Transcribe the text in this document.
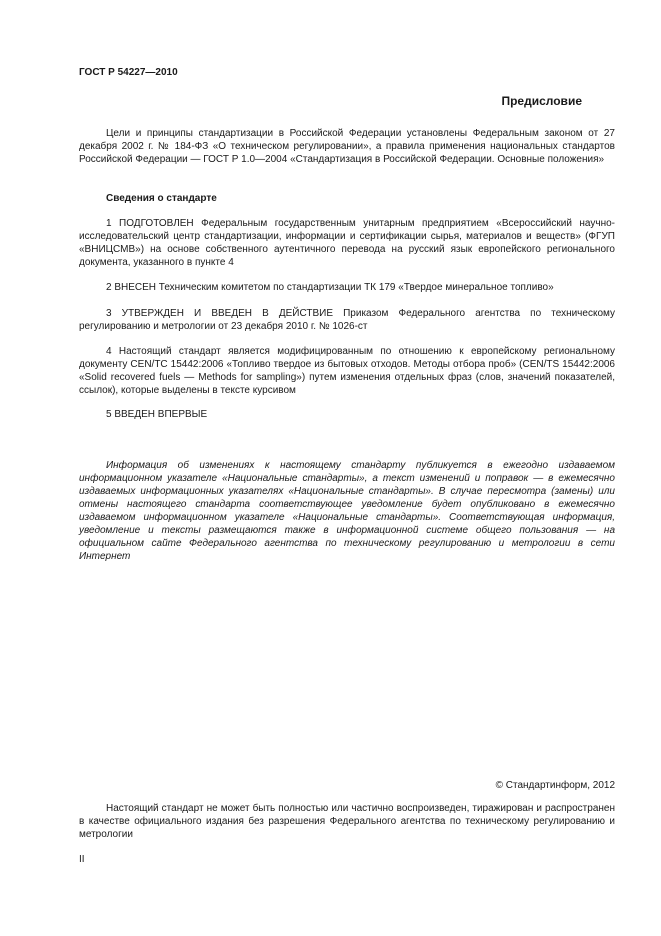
ГОСТ Р 54227—2010
Предисловие

Цели и принципы стандартизации в Российской Федерации установлены Федеральным законом от 27 декабря 2002 г. № 184-ФЗ «О техническом регулировании», а правила применения национальных стандартов Российской Федерации — ГОСТ Р 1.0—2004 «Стандартизация в Российской Федерации. Основные положения»

Сведения о стандарте

1 ПОДГОТОВЛЕН Федеральным государственным унитарным предприятием «Всероссийский научно-исследовательский центр стандартизации, информации и сертификации сырья, материалов и веществ» (ФГУП «ВНИЦСМВ») на основе собственного аутентичного перевода на русский язык европейского регионального документа, указанного в пункте 4

2 ВНЕСЕН Техническим комитетом по стандартизации ТК 179 «Твердое минеральное топливо»

3 УТВЕРЖДЕН И ВВЕДЕН В ДЕЙСТВИЕ Приказом Федерального агентства по техническому регулированию и метрологии от 23 декабря 2010 г. № 1026-ст

4 Настоящий стандарт является модифицированным по отношению к европейскому региональному документу CEN/TC 15442:2006 «Топливо твердое из бытовых отходов. Методы отбора проб» (CEN/TS 15442:2006 «Solid recovered fuels — Methods for sampling») путем изменения отдельных фраз (слов, значений показателей, ссылок), которые выделены в тексте курсивом

5 ВВЕДЕН ВПЕРВЫЕ

Информация об изменениях к настоящему стандарту публикуется в ежегодно издаваемом информационном указателе «Национальные стандарты», а текст изменений и поправок — в ежемесячно издаваемых информационных указателях «Национальные стандарты». В случае пересмотра (замены) или отмены настоящего стандарта соответствующее уведомление будет опубликовано в ежемесячно издаваемом информационном указателе «Национальные стандарты». Соответствующая информация, уведомление и тексты размещаются также в информационной системе общего пользования — на официальном сайте Федерального агентства по техническому регулированию и метрологии в сети Интернет

© Стандартинформ, 2012

Настоящий стандарт не может быть полностью или частично воспроизведен, тиражирован и распространен в качестве официального издания без разрешения Федерального агентства по техническому регулированию и метрологии

II
